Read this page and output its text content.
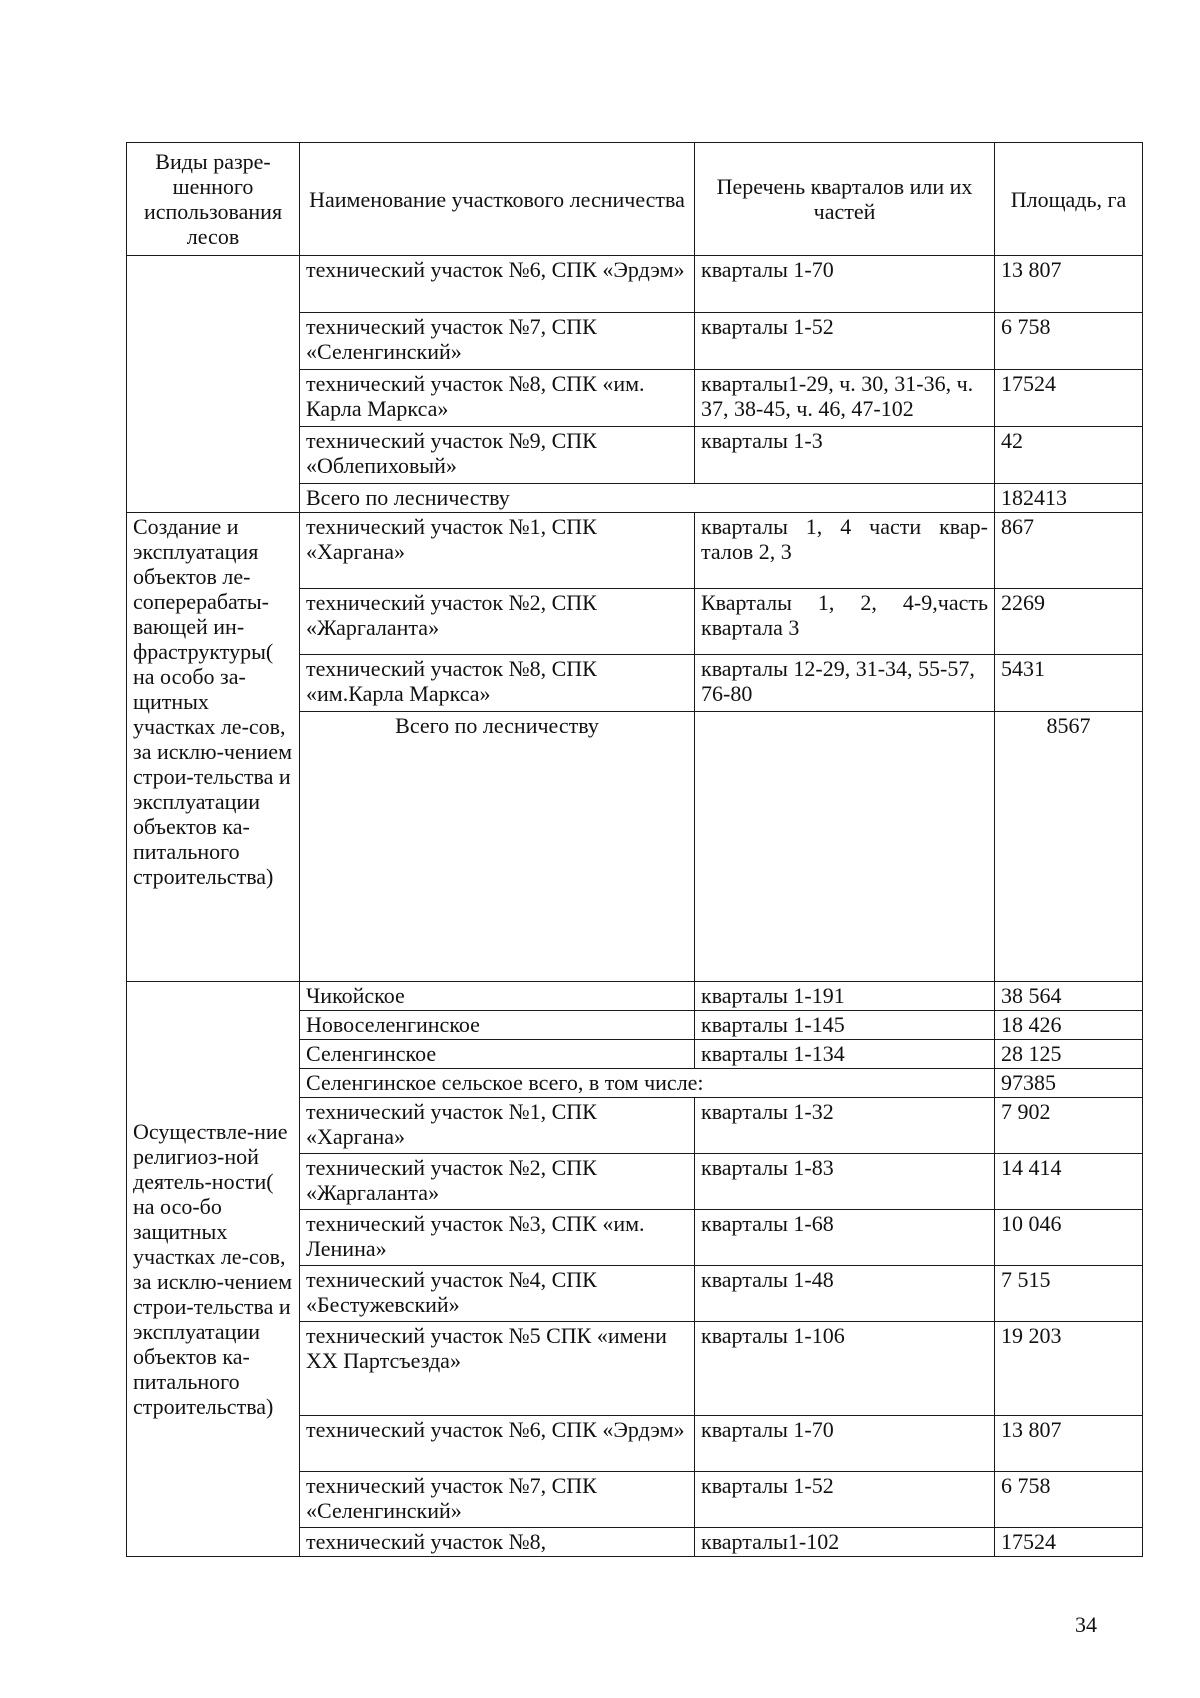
Виды разре-шенного использования лесов	Наименование участкового лесничества	Перечень кварталов или их частей	Площадь, га
	технический участок №6, СПК «Эрдэм»	кварталы 1-70	13 807
	технический участок №7, СПК «Селенгинский»	кварталы 1-52	6 758
	технический участок №8, СПК «им. Карла Маркса»	кварталы1-29, ч. 30, 31-36, ч. 37, 38-45, ч. 46, 47-102	17524
	технический участок №9, СПК «Облепиховый»	кварталы 1-3	42
	Всего по лесничеству		182413
Создание и эксплуатация объектов ле-соперерабаты-вающей ин-фраструктуры( на особо за-щитных участках ле-сов, за исклю-чением строи-тельства и эксплуатации объектов ка-питального строительства)	технический участок №1, СПК «Харгана»	кварталы 1, 4 части квар-талов 2, 3	867
	технический участок №2, СПК «Жаргаланта»	Кварталы 1, 2, 4-9,часть квартала 3	2269
	технический участок №8, СПК «им.Карла Маркса»	кварталы 12-29, 31-34, 55-57, 76-80	5431
	Всего по лесничеству		8567
Осуществле-ние религиоз-ной деятель-ности( на осо-бо защитных участках ле-сов, за исклю-чением строи-тельства и эксплуатации объектов ка-питального строительства)	Чикойское	кварталы 1-191	38 564
	Новоселенгинское	кварталы 1-145	18 426
	Селенгинское	кварталы 1-134	28 125
	Селенгинское сельское всего, в том числе:		97385
	технический участок №1, СПК «Харгана»	кварталы 1-32	7 902
	технический участок №2, СПК «Жаргаланта»	кварталы 1-83	14 414
	технический участок №3, СПК «им. Ленина»	кварталы 1-68	10 046
	технический участок №4, СПК «Бестужевский»	кварталы 1-48	7 515
	технический участок №5 СПК «имени XX Партсъезда»	кварталы 1-106	19 203
	технический участок №6, СПК «Эрдэм»	кварталы 1-70	13 807
	технический участок №7, СПК «Селенгинский»	кварталы 1-52	6 758
	технический участок №8,	кварталы1-102	17524
34
